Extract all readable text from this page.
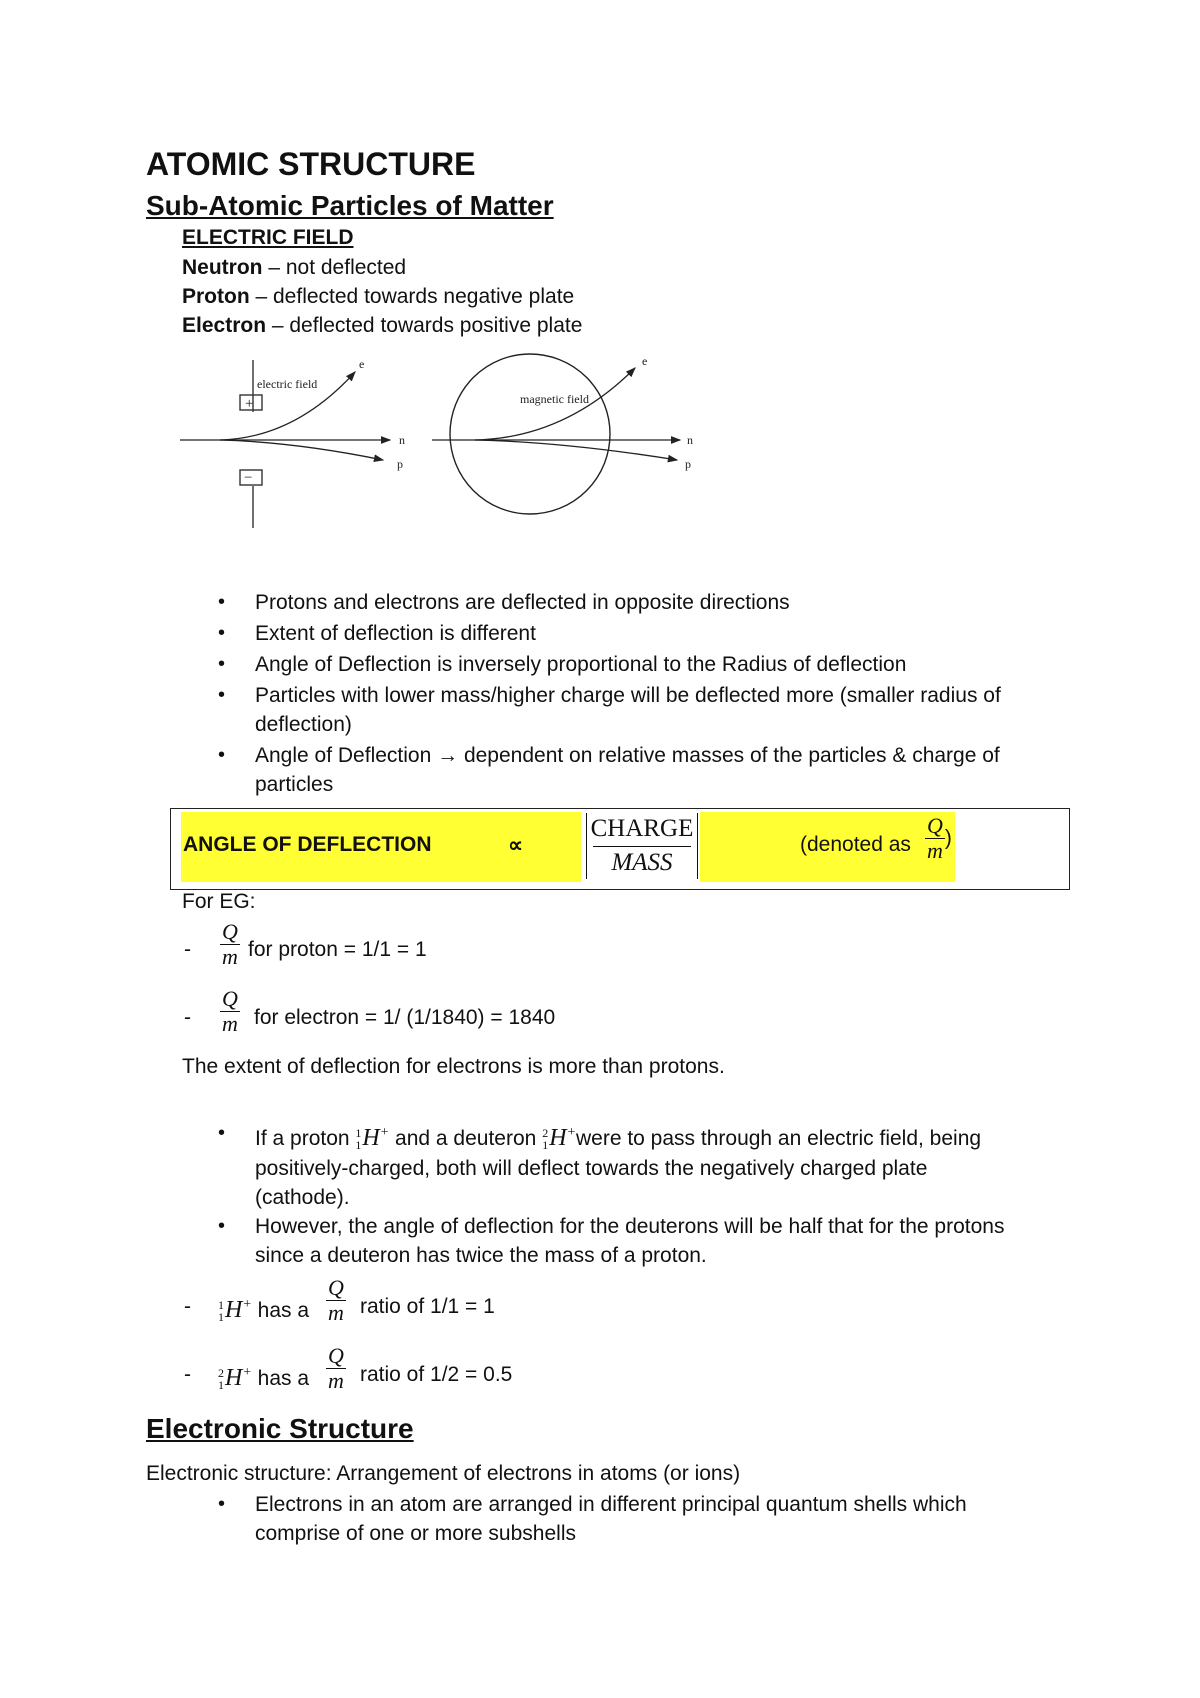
ATOMIC STRUCTURE
Sub-Atomic Particles of Matter
ELECTRIC FIELD
Neutron – not deflected
Proton – deflected towards negative plate
Electron – deflected towards positive plate
+
electric field
−
e
n
p
magnetic field
e
n
p
• Protons and electrons are deflected in opposite directions
• Extent of deflection is different
• Angle of Deflection is inversely proportional to the Radius of deflection
• Particles with lower mass/higher charge will be deflected more (smaller radius of
deflection)
• Angle of Deflection → dependent on relative masses of the particles & charge of
particles
ANGLE OF DEFLECTION	∝
CHARGE
MASS
(denoted as $\frac{Q}{m}$ )
For EG:
- $\frac{Q}{m}$ for proton = 1/1 = 1
- $\frac{Q}{m}$ for electron = 1/ (1/1840) = 1840
The extent of deflection for electrons is more than protons.
• If a proton 1
1 H+ and a deuteron 2
1 H+were to pass through an electric field, being
positively-charged, both will deflect towards the negatively charged plate
(cathode).
• However, the angle of deflection for the deuterons will be half that for the protons
since a deuteron has twice the mass of a proton.
- 1
1 H+ has a $\frac{Q}{m}$ ratio of 1/1 = 1
- 2
1 H+ has a $\frac{Q}{m}$ ratio of 1/2 = 0.5
Electronic Structure
Electronic structure: Arrangement of electrons in atoms (or ions)
• Electrons in an atom are arranged in different principal quantum shells which
comprise of one or more subshells
